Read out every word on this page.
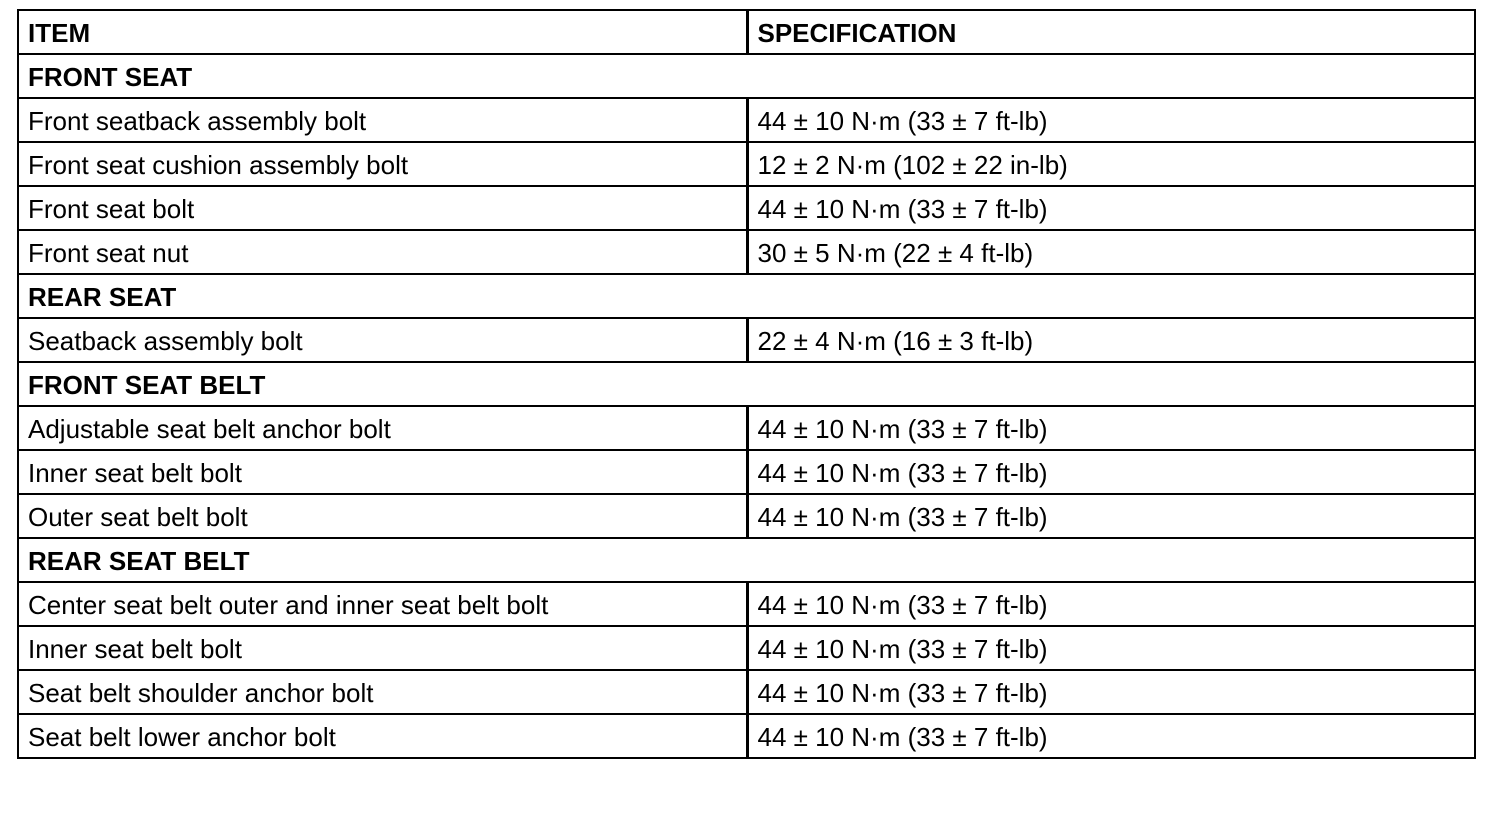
ITEM	SPECIFICATION
FRONT SEAT	
Front seatback assembly bolt	44 ± 10 N·m (33 ± 7 ft-lb)
Front seat cushion assembly bolt	12 ± 2 N·m (102 ± 22 in-lb)
Front seat bolt	44 ± 10 N·m (33 ± 7 ft-lb)
Front seat nut	30 ± 5 N·m (22 ± 4 ft-lb)
REAR SEAT	
Seatback assembly bolt	22 ± 4 N·m (16 ± 3 ft-lb)
FRONT SEAT BELT	
Adjustable seat belt anchor bolt	44 ± 10 N·m (33 ± 7 ft-lb)
Inner seat belt bolt	44 ± 10 N·m (33 ± 7 ft-lb)
Outer seat belt bolt	44 ± 10 N·m (33 ± 7 ft-lb)
REAR SEAT BELT	
Center seat belt outer and inner seat belt bolt	44 ± 10 N·m (33 ± 7 ft-lb)
Inner seat belt bolt	44 ± 10 N·m (33 ± 7 ft-lb)
Seat belt shoulder anchor bolt	44 ± 10 N·m (33 ± 7 ft-lb)
Seat belt lower anchor bolt	44 ± 10 N·m (33 ± 7 ft-lb)
